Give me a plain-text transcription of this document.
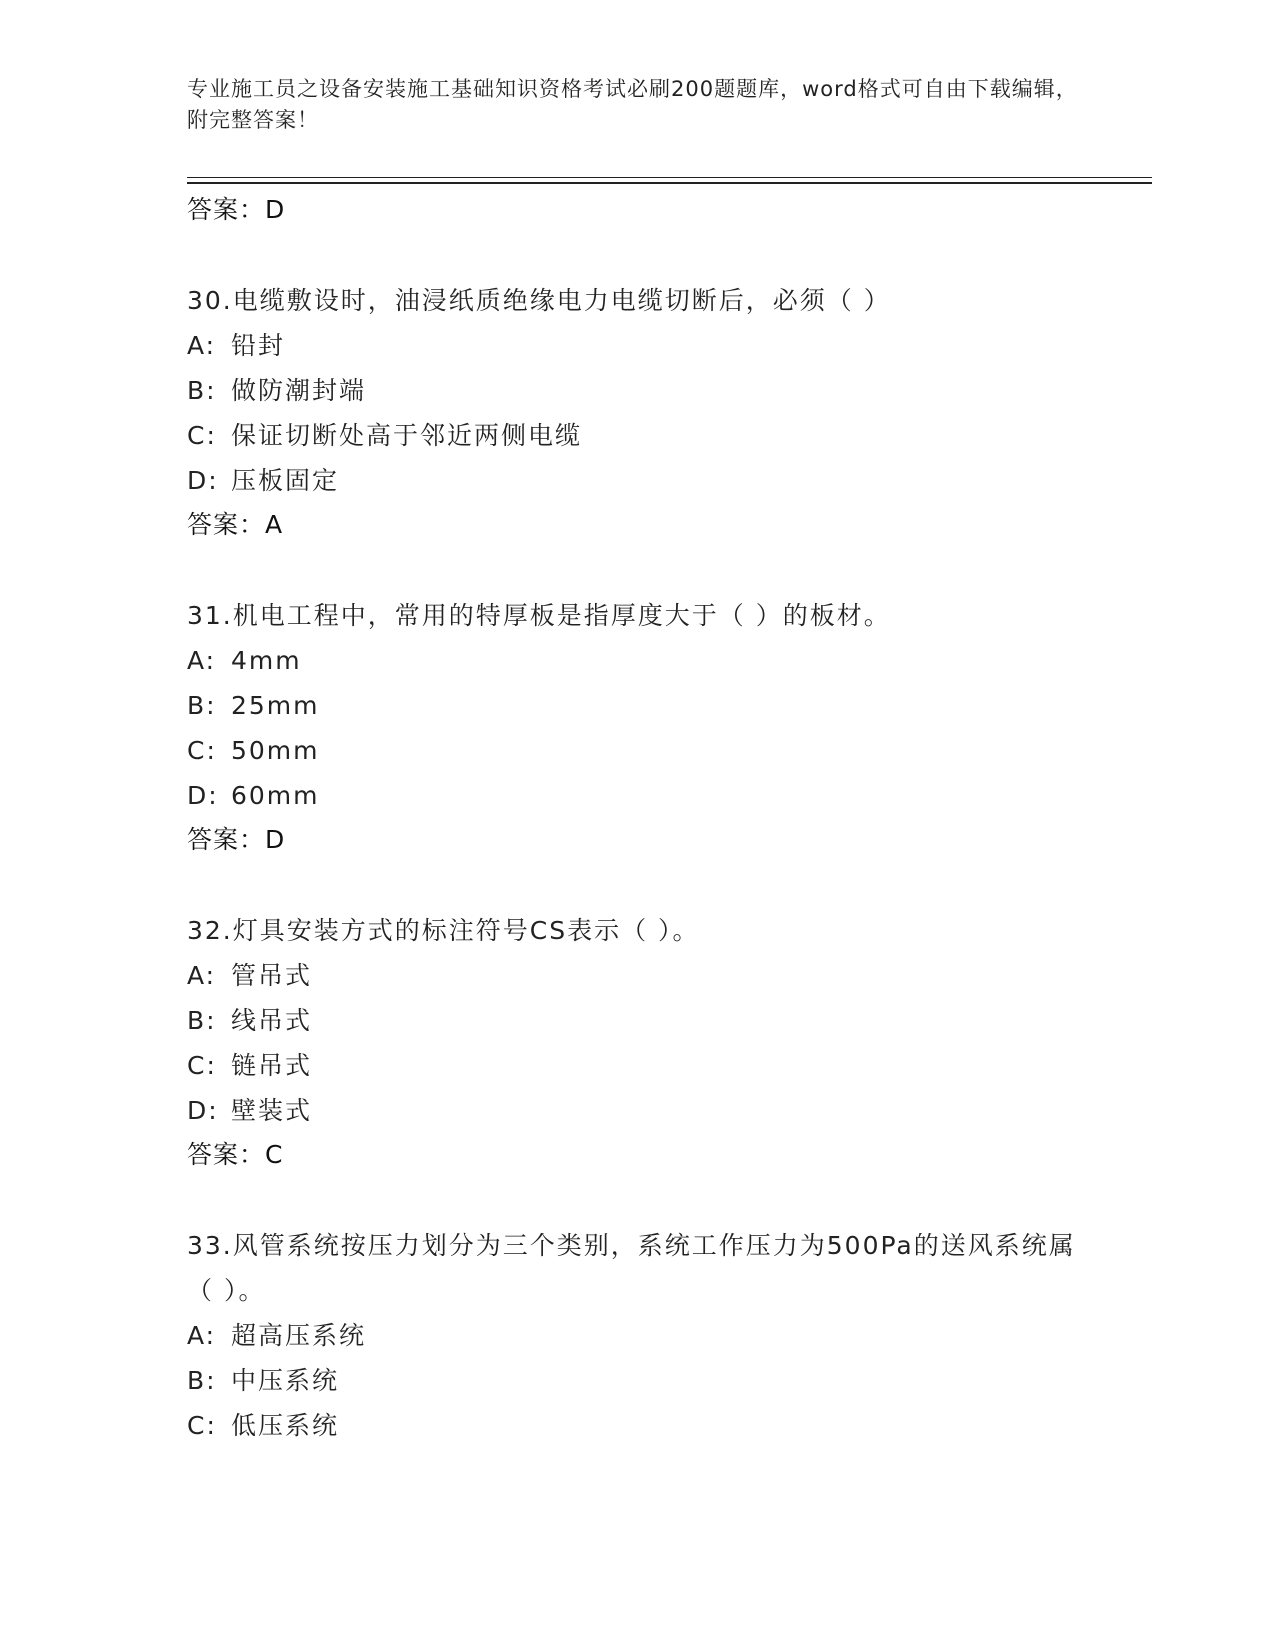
专业施工员之设备安装施工基础知识资格考试必刷200题题库，word格式可自由下载编辑，附完整答案！
答案：D
30.电缆敷设时，油浸纸质绝缘电力电缆切断后，必须（ ）
A: 铅封
B: 做防潮封端
C: 保证切断处高于邻近两侧电缆
D: 压板固定
答案：A
31.机电工程中，常用的特厚板是指厚度大于（ ）的板材。
A: 4mm
B: 25mm
C: 50mm
D: 60mm
答案：D
32.灯具安装方式的标注符号CS表示（ ）。
A: 管吊式
B: 线吊式
C: 链吊式
D: 壁装式
答案：C
33.风管系统按压力划分为三个类别，系统工作压力为500Pa的送风系统属（ ）。
A: 超高压系统
B: 中压系统
C: 低压系统
